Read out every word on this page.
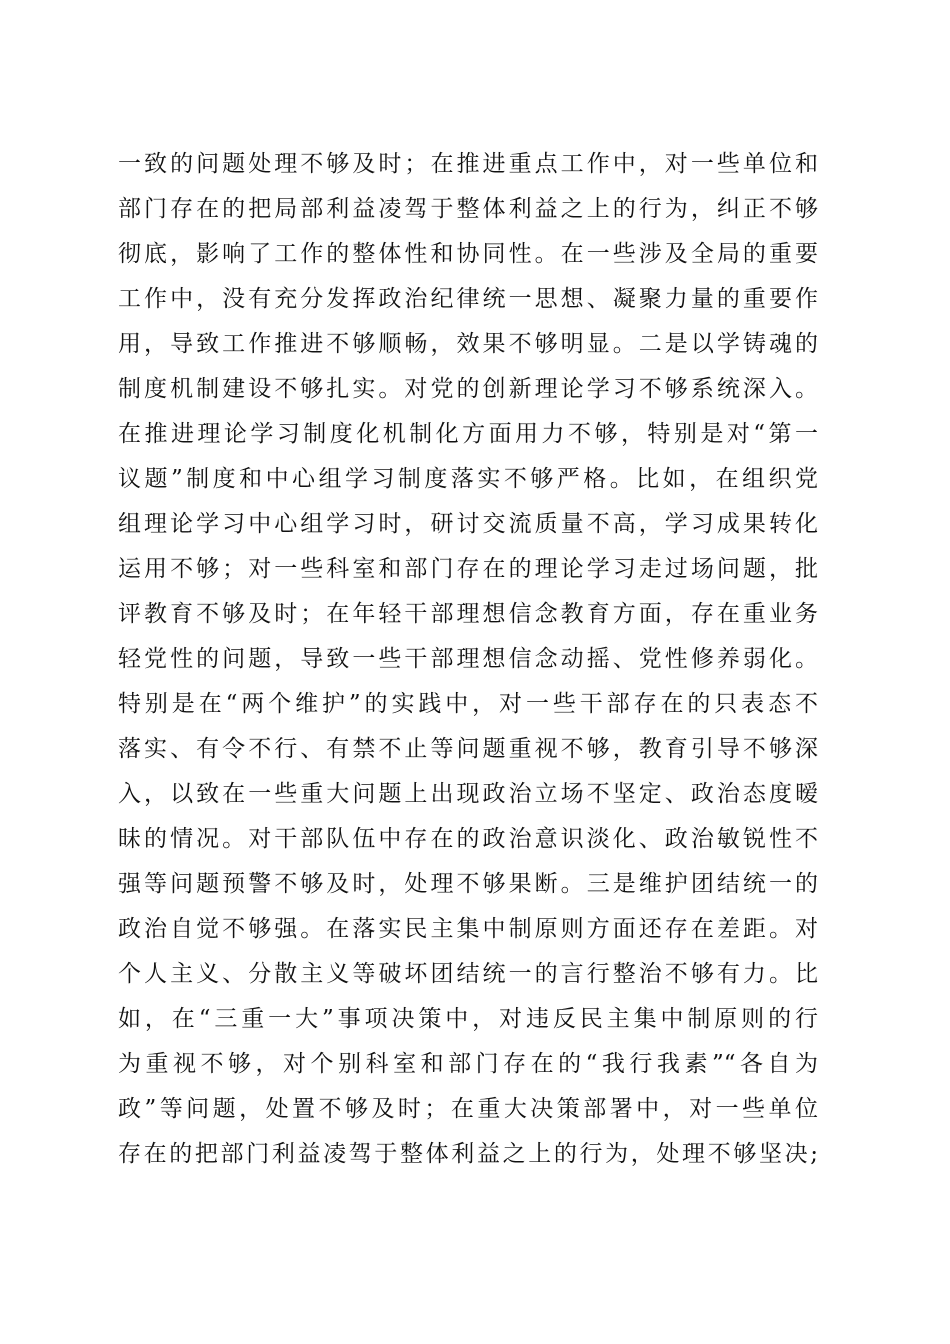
一致的问题处理不够及时；在推进重点工作中，对一些单位和
部门存在的把局部利益凌驾于整体利益之上的行为，纠正不够
彻底，影响了工作的整体性和协同性。在一些涉及全局的重要
工作中，没有充分发挥政治纪律统一思想、凝聚力量的重要作
用，导致工作推进不够顺畅，效果不够明显。二是以学铸魂的
制度机制建设不够扎实。对党的创新理论学习不够系统深入。
在推进理论学习制度化机制化方面用力不够，特别是对“第一
议题”制度和中心组学习制度落实不够严格。比如，在组织党
组理论学习中心组学习时，研讨交流质量不高，学习成果转化
运用不够；对一些科室和部门存在的理论学习走过场问题，批
评教育不够及时；在年轻干部理想信念教育方面，存在重业务
轻党性的问题，导致一些干部理想信念动摇、党性修养弱化。
特别是在“两个维护”的实践中，对一些干部存在的只表态不
落实、有令不行、有禁不止等问题重视不够，教育引导不够深
入，以致在一些重大问题上出现政治立场不坚定、政治态度暧
昧的情况。对干部队伍中存在的政治意识淡化、政治敏锐性不
强等问题预警不够及时，处理不够果断。三是维护团结统一的
政治自觉不够强。在落实民主集中制原则方面还存在差距。对
个人主义、分散主义等破坏团结统一的言行整治不够有力。比
如，在“三重一大”事项决策中，对违反民主集中制原则的行
为重视不够，对个别科室和部门存在的“我行我素”“各自为
政”等问题，处置不够及时；在重大决策部署中，对一些单位
存在的把部门利益凌驾于整体利益之上的行为，处理不够坚决;
